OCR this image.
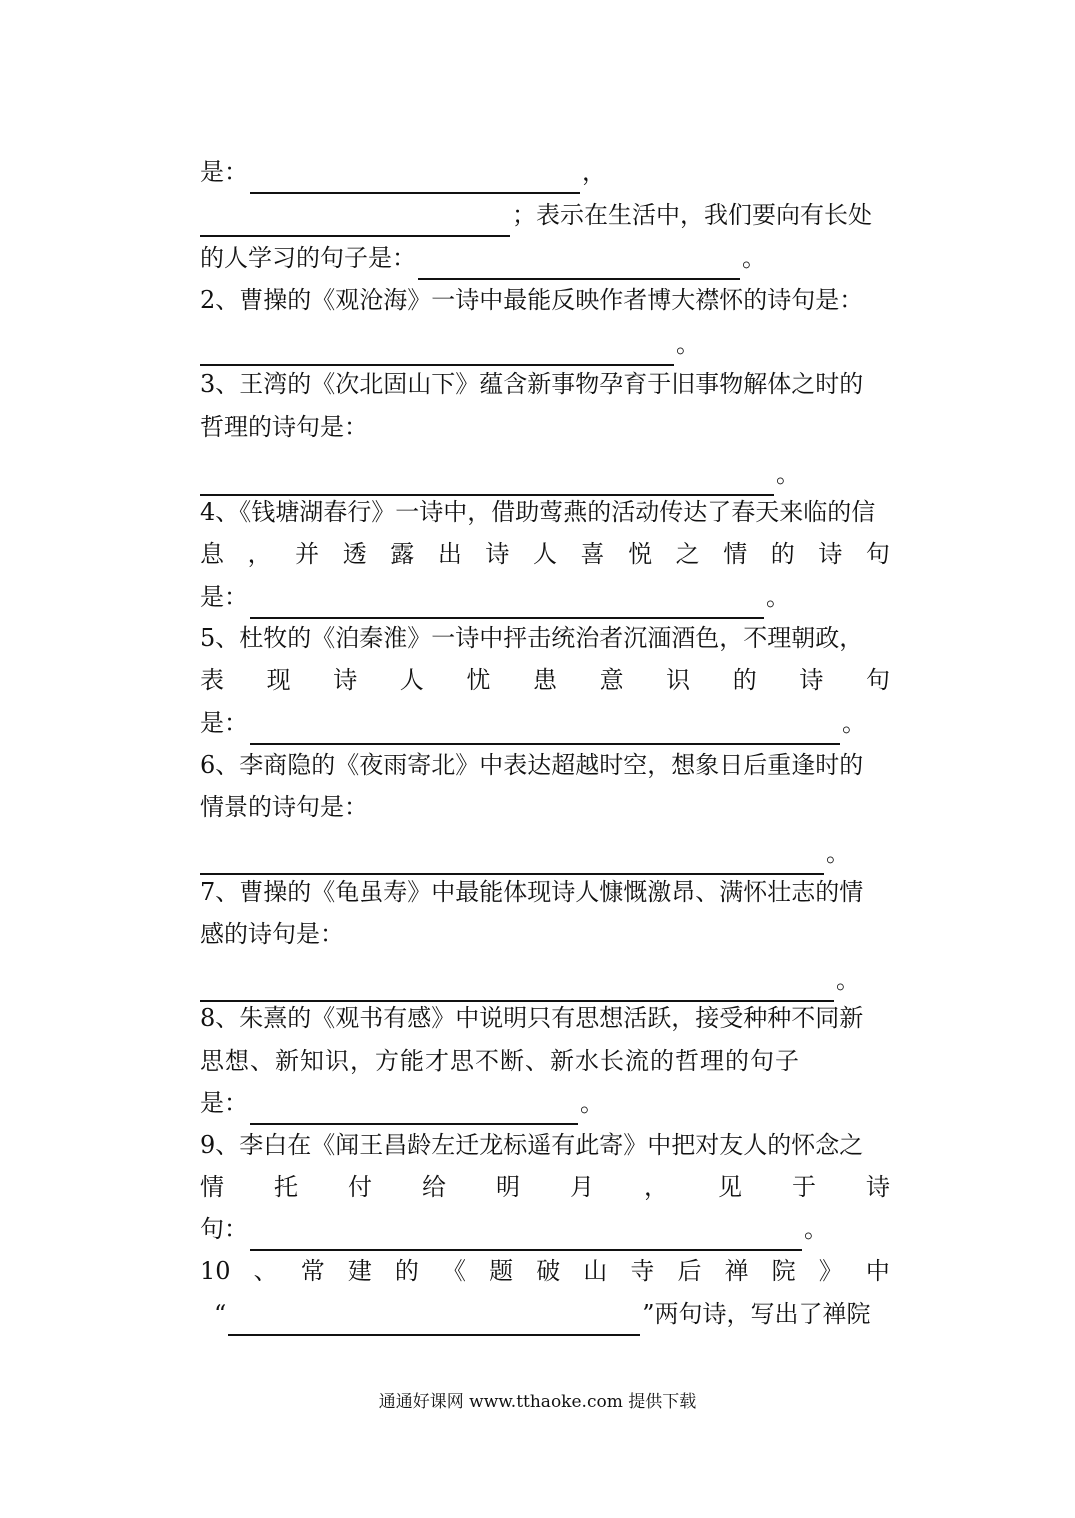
是：	，
；表示在生活中，我们要向有长处
的人学习的句子是：	。
2、曹操的《观沧海》一诗中最能反映作者博大襟怀的诗句是：
。
3、王湾的《次北固山下》蕴含新事物孕育于旧事物解体之时的
哲理的诗句是：
。
4、《钱塘湖春行》一诗中，借助莺燕的活动传达了春天来临的信
息 ， 并 透 露 出 诗 人 喜 悦 之 情 的 诗 句
是：	。
5、杜牧的《泊秦淮》一诗中抨击统治者沉湎酒色，不理朝政，
表 现 诗 人 忧 患 意 识 的 诗 句
是：	。
6、李商隐的《夜雨寄北》中表达超越时空，想象日后重逢时的
情景的诗句是：
。
7、曹操的《龟虽寿》中最能体现诗人慷慨激昂、满怀壮志的情
感的诗句是：
。
8、朱熹的《观书有感》中说明只有思想活跃，接受种种不同新
思想、新知识，方能才思不断、新水长流的哲理的句子
是：	。
9、李白在《闻王昌龄左迁龙标遥有此寄》中把对友人的怀念之
情 托 付 给 明 月 ， 见 于 诗
句：	。
10 、 常 建 的 《 题 破 山 寺 后 禅 院 》 中
“	”两句诗，写出了禅院
通通好课网 www.tthaoke.com 提供下载
